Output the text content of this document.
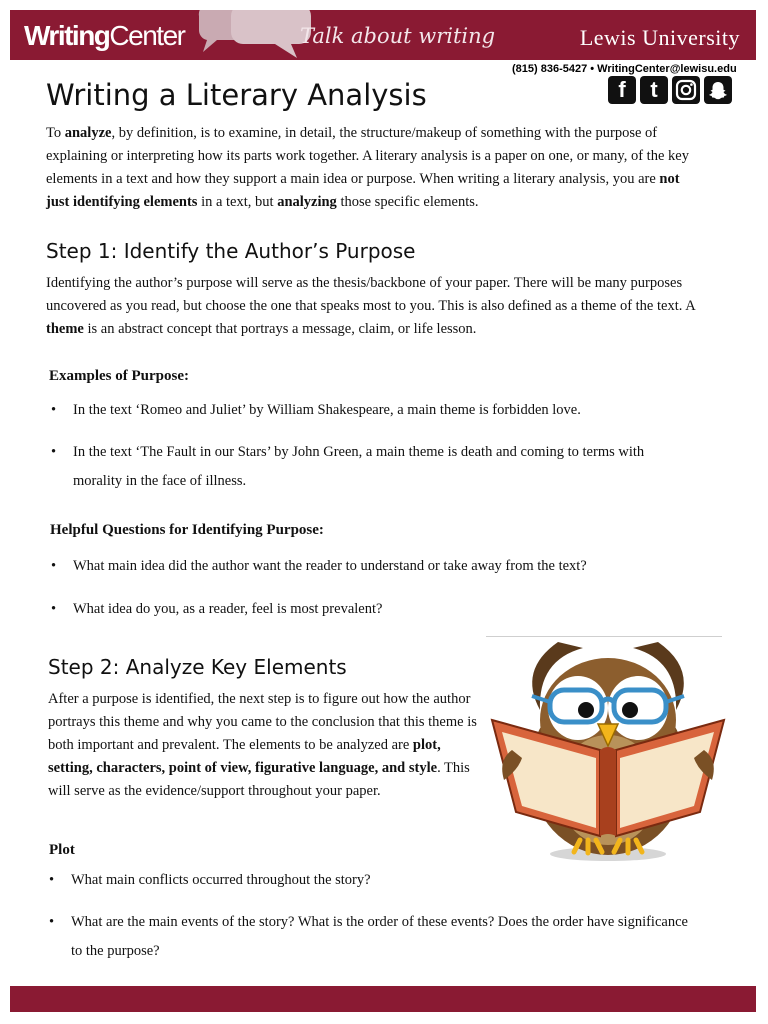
WritingCenter	Talk about writing	Lewis University
(815) 836-5427 • WritingCenter@lewisu.edu
f t
Writing a Literary Analysis

To analyze, by definition, is to examine, in detail, the structure/makeup of something with the purpose of explaining or interpreting how its parts work together. A literary analysis is a paper on one, or many, of the key elements in a text and how they support a main idea or purpose. When writing a literary analysis, you are not just identifying elements in a text, but analyzing those specific elements.

Step 1: Identify the Author’s Purpose

Identifying the author’s purpose will serve as the thesis/backbone of your paper. There will be many purposes uncovered as you read, but choose the one that speaks most to you. This is also defined as a theme of the text. A theme is an abstract concept that portrays a message, claim, or life lesson.

Examples of Purpose:
• In the text ‘Romeo and Juliet’ by William Shakespeare, a main theme is forbidden love.
• In the text ‘The Fault in our Stars’ by John Green, a main theme is death and coming to terms with morality in the face of illness.
Helpful Questions for Identifying Purpose:
• What main idea did the author want the reader to understand or take away from the text?
• What idea do you, as a reader, feel is most prevalent?
Step 2: Analyze Key Elements

After a purpose is identified, the next step is to figure out how the author portrays this theme and why you came to the conclusion that this theme is both important and prevalent. The elements to be analyzed are plot, setting, characters, point of view, figurative language, and style. This will serve as the evidence/support throughout your paper.

Plot
• What main conflicts occurred throughout the story?
• What are the main events of the story? What is the order of these events? Does the order have significance to the purpose?
